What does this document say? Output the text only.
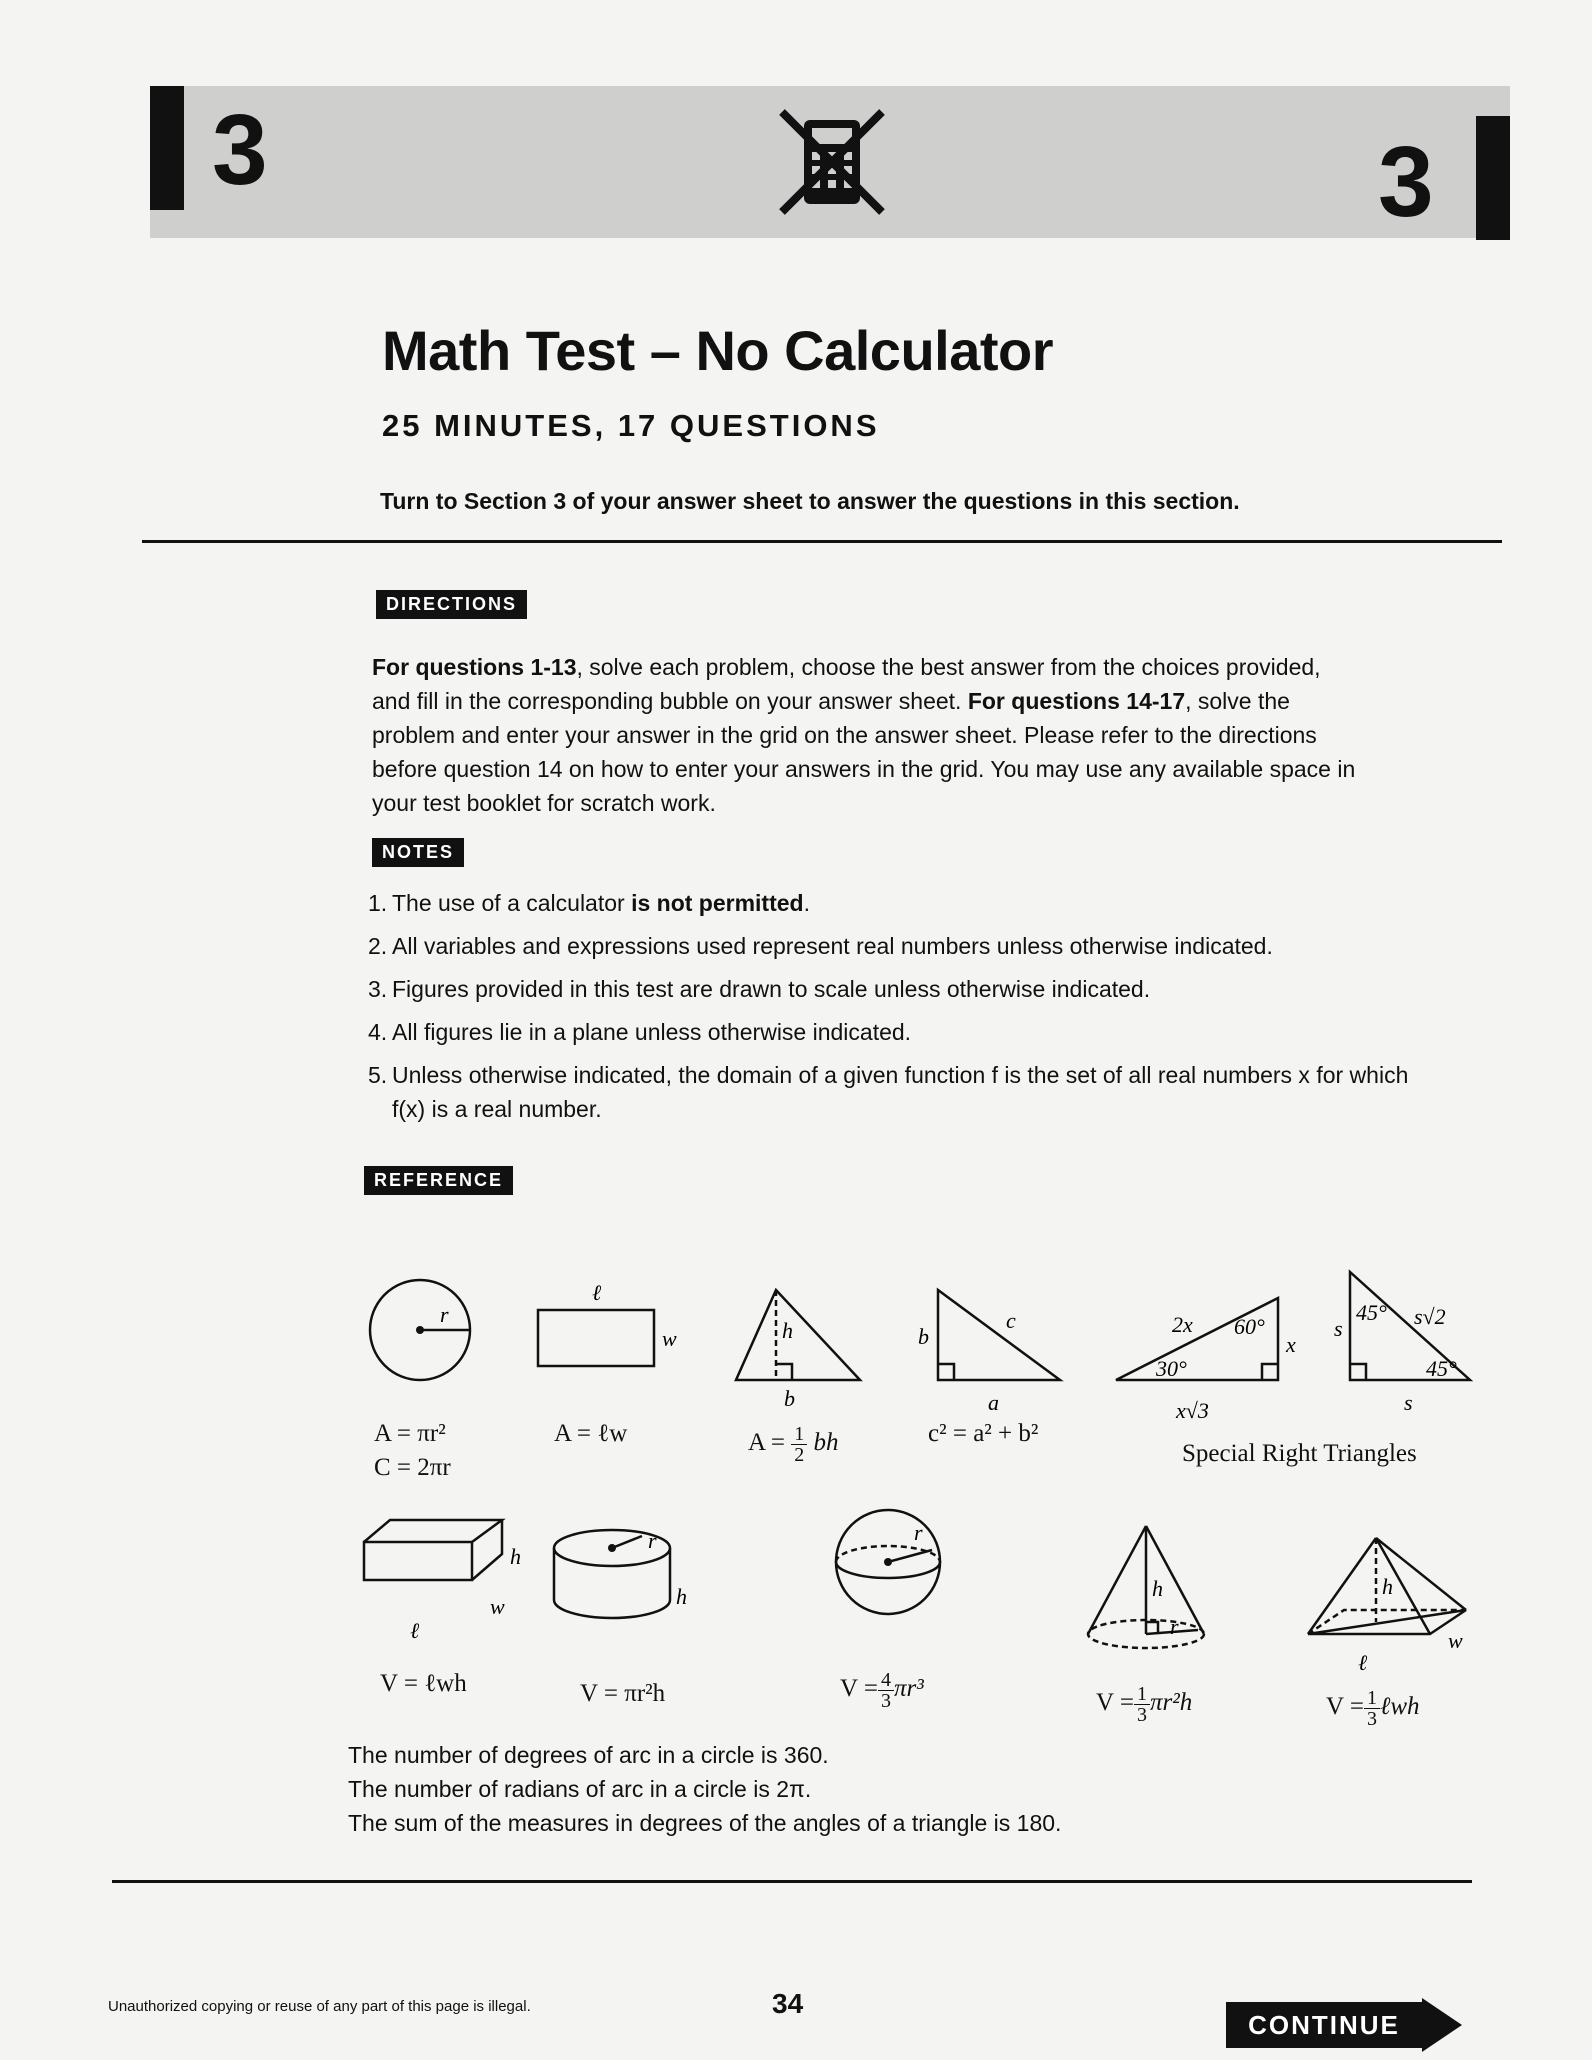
3	3
Math Test – No Calculator
25 MINUTES, 17 QUESTIONS
Turn to Section 3 of your answer sheet to answer the questions in this section.
DIRECTIONS
For questions 1-13, solve each problem, choose the best answer from the choices provided, and fill in the corresponding bubble on your answer sheet. For questions 14-17, solve the problem and enter your answer in the grid on the answer sheet. Please refer to the directions before question 14 on how to enter your answers in the grid. You may use any available space in your test booklet for scratch work.
NOTES
1. The use of a calculator is not permitted.
2. All variables and expressions used represent real numbers unless otherwise indicated.
3. Figures provided in this test are drawn to scale unless otherwise indicated.
4. All figures lie in a plane unless otherwise indicated.
5. Unless otherwise indicated, the domain of a given function f is the set of all real numbers x for which f(x) is a real number.
REFERENCE
r
ℓ
w	h
b
b
c
a
2x 60°
30°
x
x√3
s
45° s√2
45°
s
h
w
ℓ
r
h
r
h
r
h
w
ℓ
A = πr²
C = 2πr
A = ℓw	A = 1
2 bh	c² = a² + b²
Special Right Triangles
V = ℓwh	V = πr²h	V = 4
3 πr³
V = 1
3 πr²h	V = 1
3 ℓwh
The number of degrees of arc in a circle is 360.
The number of radians of arc in a circle is 2π.
The sum of the measures in degrees of the angles of a triangle is 180.
Unauthorized copying or reuse of any part of this page is illegal.	34
CONTINUE
